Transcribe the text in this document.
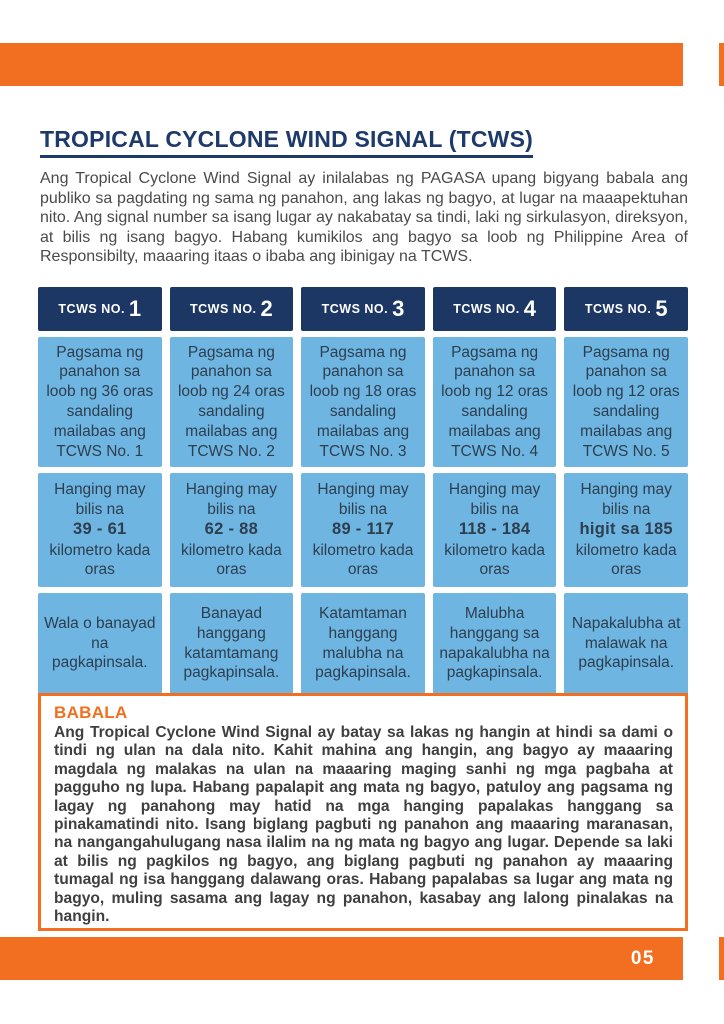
TROPICAL CYCLONE WIND SIGNAL (TCWS)

Ang Tropical Cyclone Wind Signal ay inilalabas ng PAGASA upang bigyang babala ang publiko sa pagdating ng sama ng panahon, ang lakas ng bagyo, at lugar na maaapektuhan nito. Ang signal number sa isang lugar ay nakabatay sa tindi, laki ng sirkulasyon, direksyon, at bilis ng isang bagyo. Habang kumikilos ang bagyo sa loob ng Philippine Area of Responsibilty, maaaring itaas o ibaba ang ibinigay na TCWS.

TCWS NO. 1
Pagsama ng panahon sa loob ng 36 oras sandaling mailabas ang TCWS No. 1
Hanging may bilis na
39 - 61
kilometro kada oras
Wala o banayad na pagkapinsala.
TCWS NO. 2
Pagsama ng panahon sa loob ng 24 oras sandaling mailabas ang TCWS No. 2
Hanging may bilis na
62 - 88
kilometro kada oras
Banayad hanggang katamtamang pagkapinsala.
TCWS NO. 3
Pagsama ng panahon sa loob ng 18 oras sandaling mailabas ang TCWS No. 3
Hanging may bilis na
89 - 117
kilometro kada oras
Katamtaman hanggang malubha na pagkapinsala.
TCWS NO. 4
Pagsama ng panahon sa loob ng 12 oras sandaling mailabas ang TCWS No. 4
Hanging may bilis na
118 - 184
kilometro kada oras
Malubha hanggang sa napakalubha na pagkapinsala.
TCWS NO. 5
Pagsama ng panahon sa loob ng 12 oras sandaling mailabas ang TCWS No. 5
Hanging may bilis na
higit sa 185
kilometro kada oras
Napakalubha at malawak na pagkapinsala.
BABALA

Ang Tropical Cyclone Wind Signal ay batay sa lakas ng hangin at hindi sa dami o tindi ng ulan na dala nito. Kahit mahina ang hangin, ang bagyo ay maaaring magdala ng malakas na ulan na maaaring maging sanhi ng mga pagbaha at pagguho ng lupa. Habang papalapit ang mata ng bagyo, patuloy ang pagsama ng lagay ng panahong may hatid na mga hanging papalakas hanggang sa pinakamatindi nito. Isang biglang pagbuti ng panahon ang maaaring maranasan, na nangangahulugang nasa ilalim na ng mata ng bagyo ang lugar. Depende sa laki at bilis ng pagkilos ng bagyo, ang biglang pagbuti ng panahon ay maaaring tumagal ng isa hanggang dalawang oras. Habang papalabas sa lugar ang mata ng bagyo, muling sasama ang lagay ng panahon, kasabay ang lalong pinalakas na hangin.

05
